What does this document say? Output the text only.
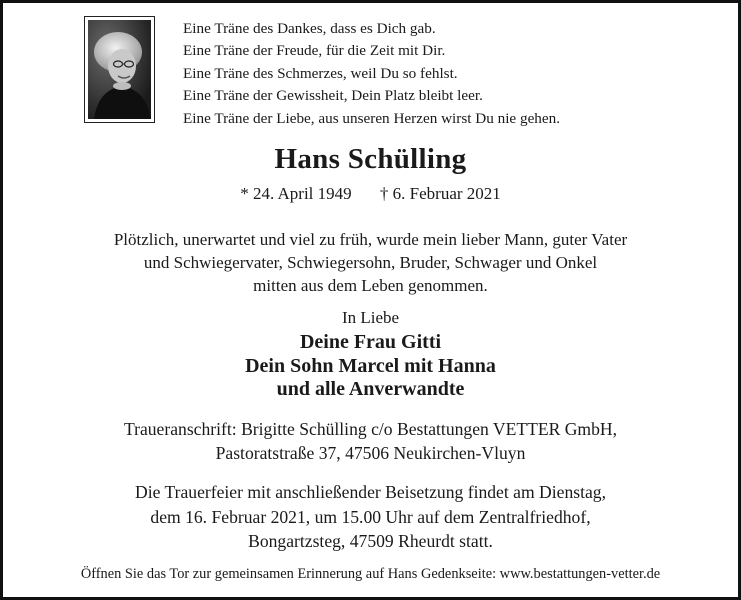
Eine Träne des Dankes, dass es Dich gab.
Eine Träne der Freude, für die Zeit mit Dir.
Eine Träne des Schmerzes, weil Du so fehlst.
Eine Träne der Gewissheit, Dein Platz bleibt leer.
Eine Träne der Liebe, aus unseren Herzen wirst Du nie gehen.
Hans Schülling
* 24. April 1949 † 6. Februar 2021
Plötzlich, unerwartet und viel zu früh, wurde mein lieber Mann, guter Vater
und Schwiegervater, Schwiegersohn, Bruder, Schwager und Onkel
mitten aus dem Leben genommen.
In Liebe
Deine Frau Gitti
Dein Sohn Marcel mit Hanna
und alle Anverwandte
Traueranschrift: Brigitte Schülling c/o Bestattungen VETTER GmbH,
Pastoratstraße 37, 47506 Neukirchen-Vluyn
Die Trauerfeier mit anschließender Beisetzung findet am Dienstag,
dem 16. Februar 2021, um 15.00 Uhr auf dem Zentralfriedhof,
Bongartzsteg, 47509 Rheurdt statt.
Öffnen Sie das Tor zur gemeinsamen Erinnerung auf Hans Gedenkseite: www.bestattungen-vetter.de
